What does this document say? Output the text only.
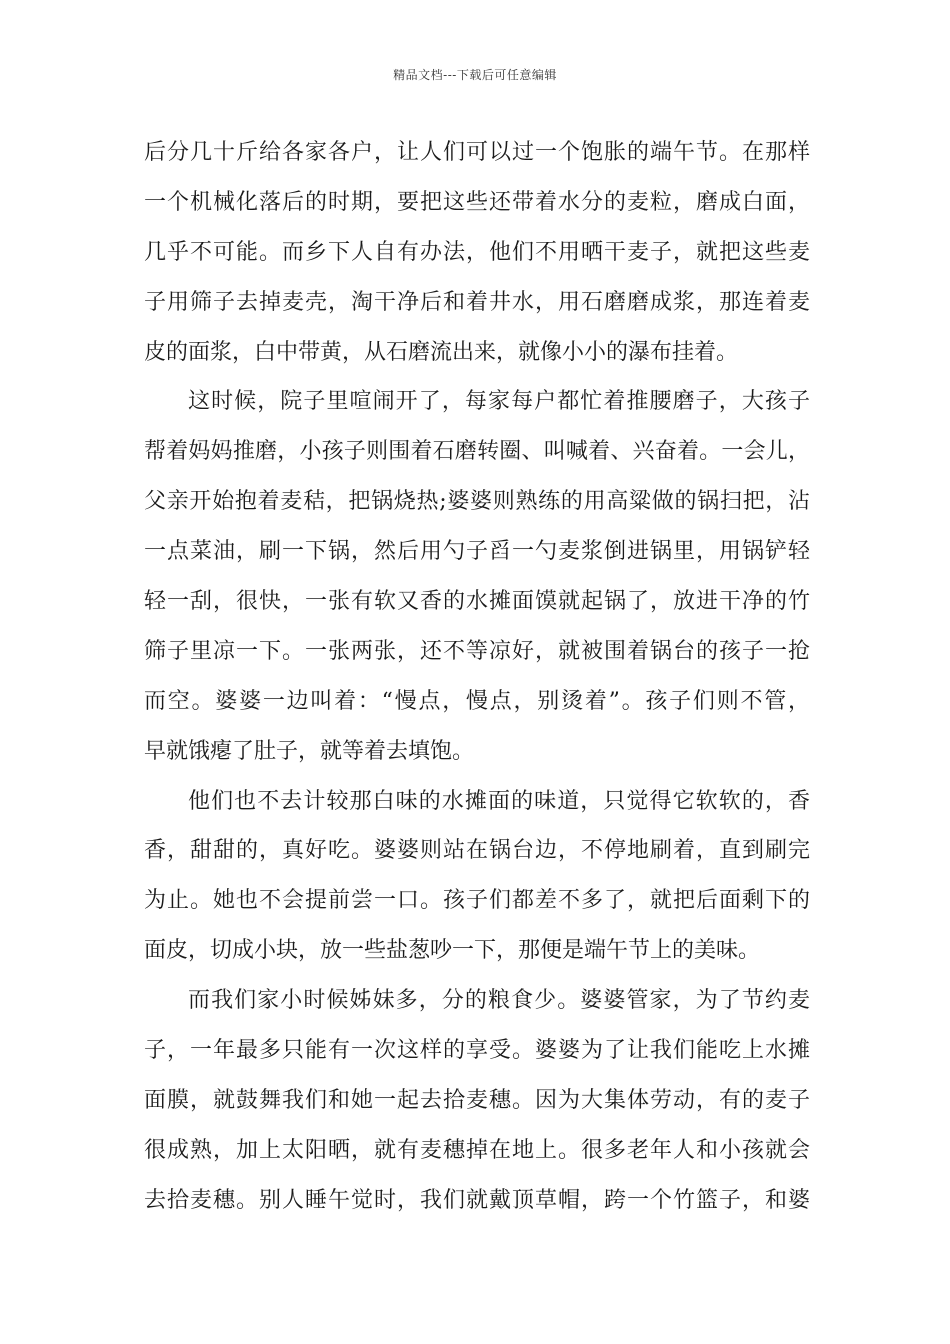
精品文档---下载后可任意编辑
后分几十斤给各家各户，让人们可以过一个饱胀的端午节。在那样
一个机械化落后的时期，要把这些还带着水分的麦粒，磨成白面，
几乎不可能。而乡下人自有办法，他们不用晒干麦子，就把这些麦
子用筛子去掉麦壳，淘干净后和着井水，用石磨磨成浆，那连着麦
皮的面浆，白中带黄，从石磨流出来，就像小小的瀑布挂着。
这时候，院子里喧闹开了，每家每户都忙着推腰磨子，大孩子
帮着妈妈推磨，小孩子则围着石磨转圈、叫喊着、兴奋着。一会儿，
父亲开始抱着麦秸，把锅烧热;婆婆则熟练的用高粱做的锅扫把，沾
一点菜油，刷一下锅，然后用勺子舀一勺麦浆倒进锅里，用锅铲轻
轻一刮，很快，一张有软又香的水摊面馍就起锅了，放进干净的竹
筛子里凉一下。一张两张，还不等凉好，就被围着锅台的孩子一抢
而空。婆婆一边叫着：“慢点，慢点，别烫着”。孩子们则不管，
早就饿瘪了肚子，就等着去填饱。
他们也不去计较那白味的水摊面的味道，只觉得它软软的，香
香，甜甜的，真好吃。婆婆则站在锅台边，不停地刷着，直到刷完
为止。她也不会提前尝一口。孩子们都差不多了，就把后面剩下的
面皮，切成小块，放一些盐葱吵一下，那便是端午节上的美味。
而我们家小时候姊妹多，分的粮食少。婆婆管家，为了节约麦
子，一年最多只能有一次这样的享受。婆婆为了让我们能吃上水摊
面膜，就鼓舞我们和她一起去拾麦穗。因为大集体劳动，有的麦子
很成熟，加上太阳晒，就有麦穗掉在地上。很多老年人和小孩就会
去拾麦穗。别人睡午觉时，我们就戴顶草帽，跨一个竹篮子，和婆
